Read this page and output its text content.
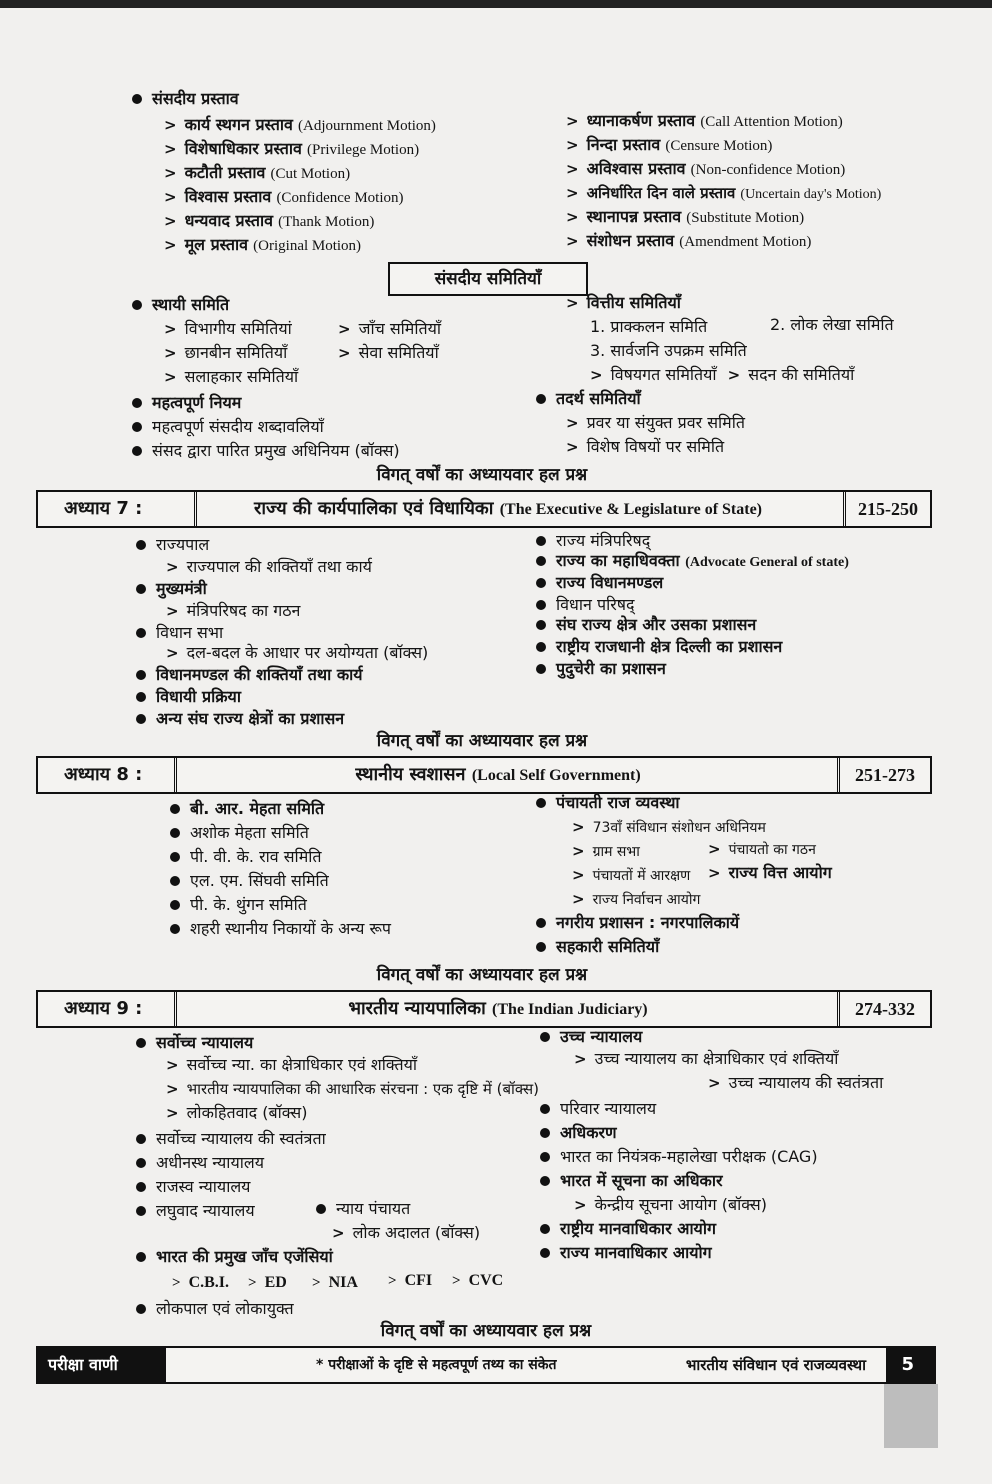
संसदीय प्रस्ताव
> कार्य स्थगन प्रस्ताव (Adjournment Motion)
> विशेषाधिकार प्रस्ताव (Privilege Motion)
> कटौती प्रस्ताव (Cut Motion)
> विश्वास प्रस्ताव (Confidence Motion)
> धन्यवाद प्रस्ताव (Thank Motion)
> मूल प्रस्ताव (Original Motion)
> ध्यानाकर्षण प्रस्ताव (Call Attention Motion)
> निन्दा प्रस्ताव (Censure Motion)
> अविश्वास प्रस्ताव (Non-confidence Motion)
> अनिर्धारित दिन वाले प्रस्ताव (Uncertain day's Motion)
> स्थानापन्न प्रस्ताव (Substitute Motion)
> संशोधन प्रस्ताव (Amendment Motion)
संसदीय समितियाँ
स्थायी समिति
> विभागीय समितियां	> जाँच समितियाँ
> छानबीन समितियाँ	> सेवा समितियाँ
> सलाहकार समितियाँ
महत्वपूर्ण नियम
महत्वपूर्ण संसदीय शब्दावलियाँ
संसद द्वारा पारित प्रमुख अधिनियम (बॉक्स)
> वित्तीय समितियाँ
1. प्राक्कलन समिति	2. लोक लेखा समिति
3. सार्वजनि उपक्रम समिति
> विषयगत समितियाँ > सदन की समितियाँ
तदर्थ समितियाँ
> प्रवर या संयुक्त प्रवर समिति
> विशेष विषयों पर समिति
विगत् वर्षों का अध्यायवार हल प्रश्न
अध्याय 7 :	राज्य की कार्यपालिका एवं विधायिका (The Executive & Legislature of State)	215-250
राज्यपाल
> राज्यपाल की शक्तियाँ तथा कार्य
मुख्यमंत्री
> मंत्रिपरिषद का गठन
विधान सभा
> दल-बदल के आधार पर अयोग्यता (बॉक्स)
विधानमण्डल की शक्तियाँ तथा कार्य
विधायी प्रक्रिया
अन्य संघ राज्य क्षेत्रों का प्रशासन
राज्य मंत्रिपरिषद्
राज्य का महाधिवक्ता (Advocate General of state)
राज्य विधानमण्डल
विधान परिषद्
संघ राज्य क्षेत्र और उसका प्रशासन
राष्ट्रीय राजधानी क्षेत्र दिल्ली का प्रशासन
पुदुचेरी का प्रशासन
विगत् वर्षों का अध्यायवार हल प्रश्न
अध्याय 8 :	स्थानीय स्वशासन (Local Self Government)	251-273
बी. आर. मेहता समिति
अशोक मेहता समिति
पी. वी. के. राव समिति
एल. एम. सिंघवी समिति
पी. के. थुंगन समिति
शहरी स्थानीय निकायों के अन्य रूप
पंचायती राज व्यवस्था
> 73वाँ संविधान संशोधन अधिनियम
> ग्राम सभा	> पंचायतो का गठन
> पंचायतों में आरक्षण > राज्य वित्त आयोग
> राज्य निर्वाचन आयोग
नगरीय प्रशासन : नगरपालिकायें
सहकारी समितियाँ
विगत् वर्षों का अध्यायवार हल प्रश्न
अध्याय 9 :	भारतीय न्यायपालिका (The Indian Judiciary)	274-332
सर्वोच्च न्यायालय
> सर्वोच्च न्या. का क्षेत्राधिकार एवं शक्तियाँ
> भारतीय न्यायपालिका की आधारिक संरचना : एक दृष्टि में (बॉक्स)
> लोकहितवाद (बॉक्स)
सर्वोच्च न्यायालय की स्वतंत्रता
अधीनस्थ न्यायालय
राजस्व न्यायालय
लघुवाद न्यायालय	न्याय पंचायत
> लोक अदालत (बॉक्स)
भारत की प्रमुख जाँच एजेंसियां
> C.B.I. > ED > NIA > CFI > CVC
लोकपाल एवं लोकायुक्त
उच्च न्यायालय
> उच्च न्यायालय का क्षेत्राधिकार एवं शक्तियाँ
> उच्च न्यायालय की स्वतंत्रता
परिवार न्यायालय
अधिकरण
भारत का नियंत्रक-महालेखा परीक्षक (CAG)
भारत में सूचना का अधिकार
> केन्द्रीय सूचना आयोग (बॉक्स)
राष्ट्रीय मानवाधिकार आयोग
राज्य मानवाधिकार आयोग
विगत् वर्षों का अध्यायवार हल प्रश्न
परीक्षा वाणी	* परीक्षाओं के दृष्टि से महत्वपूर्ण तथ्य का संकेत	भारतीय संविधान एवं राजव्यवस्था 5
